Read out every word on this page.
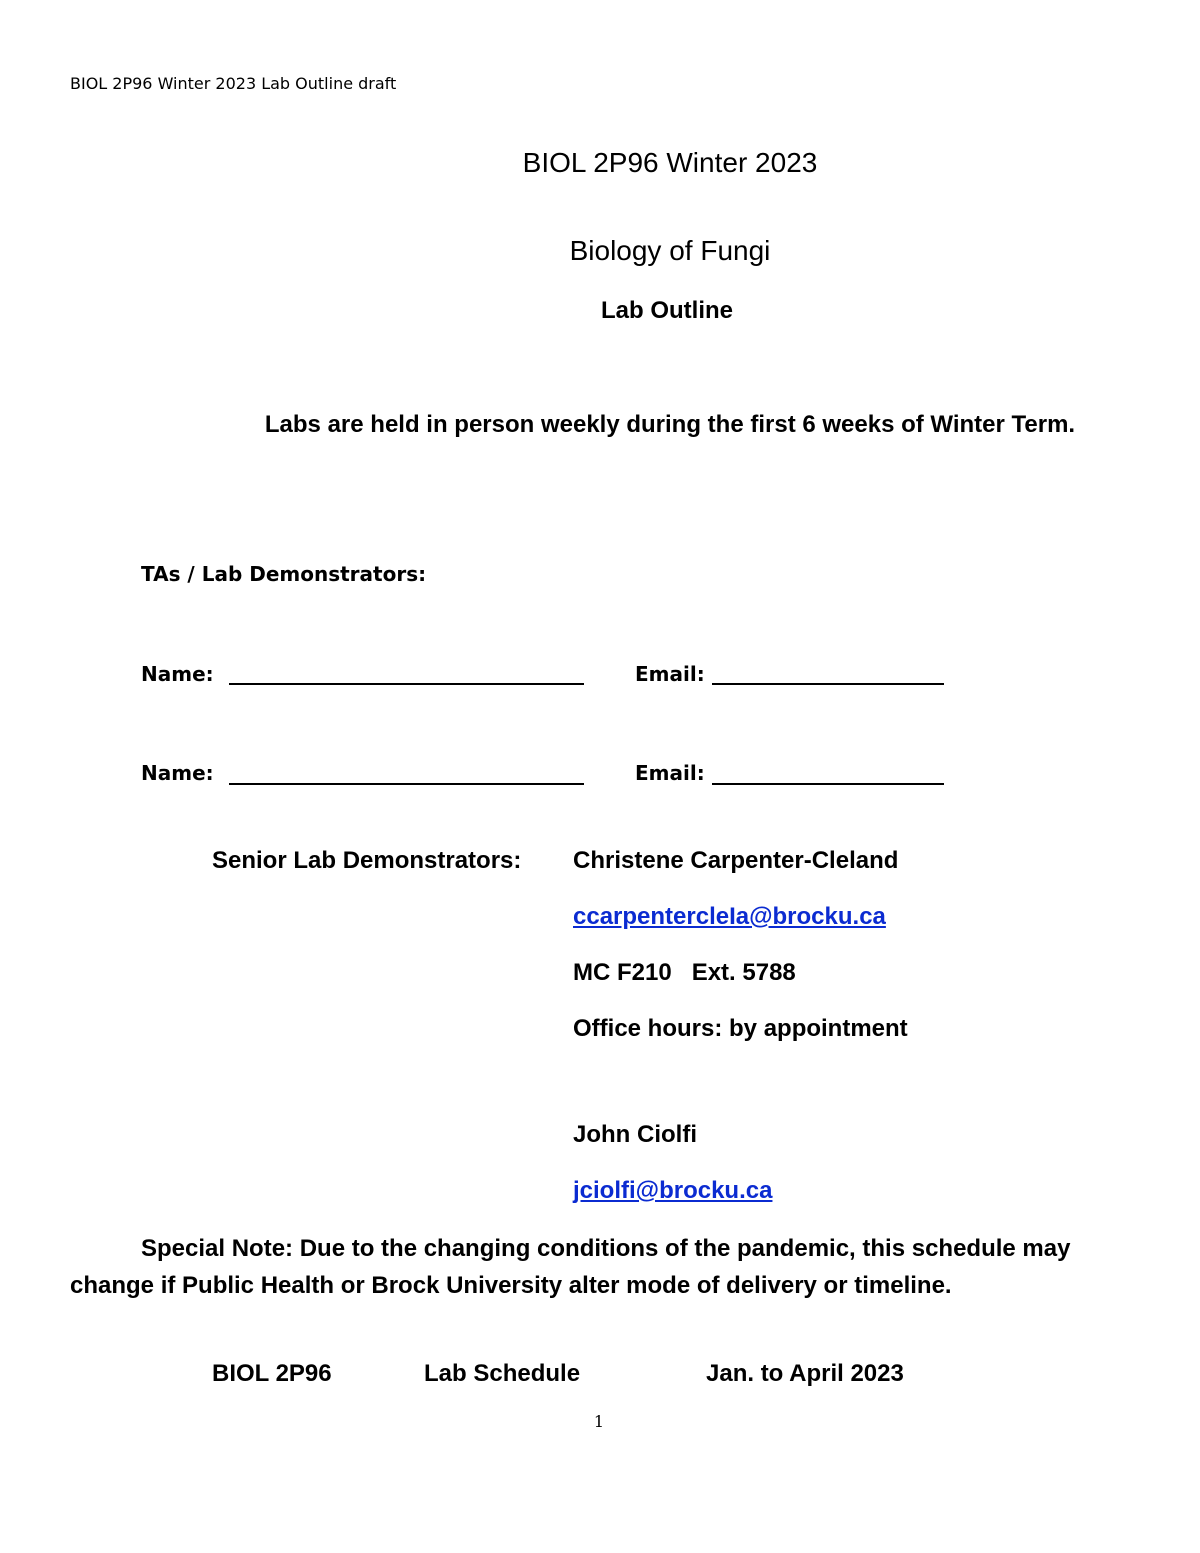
BIOL 2P96 Winter 2023 Lab Outline draft

BIOL 2P96 Winter 2023

Biology of Fungi

Lab Outline

Labs are held in person weekly during the first 6 weeks of Winter Term.

TAs / Lab Demonstrators:

Name:	Email:

Name:	Email:

Senior Lab Demonstrators: Christene Carpenter-Cleland

ccarpentercleIa@brocku.ca

MC F210   Ext. 5788

Office hours: by appointment

John Ciolfi

jciolfi@brocku.ca

Special Note: Due to the changing conditions of the pandemic, this schedule may change if Public Health or Brock University alter mode of delivery or timeline.

BIOL 2P96	Lab Schedule	Jan. to April 2023

1
